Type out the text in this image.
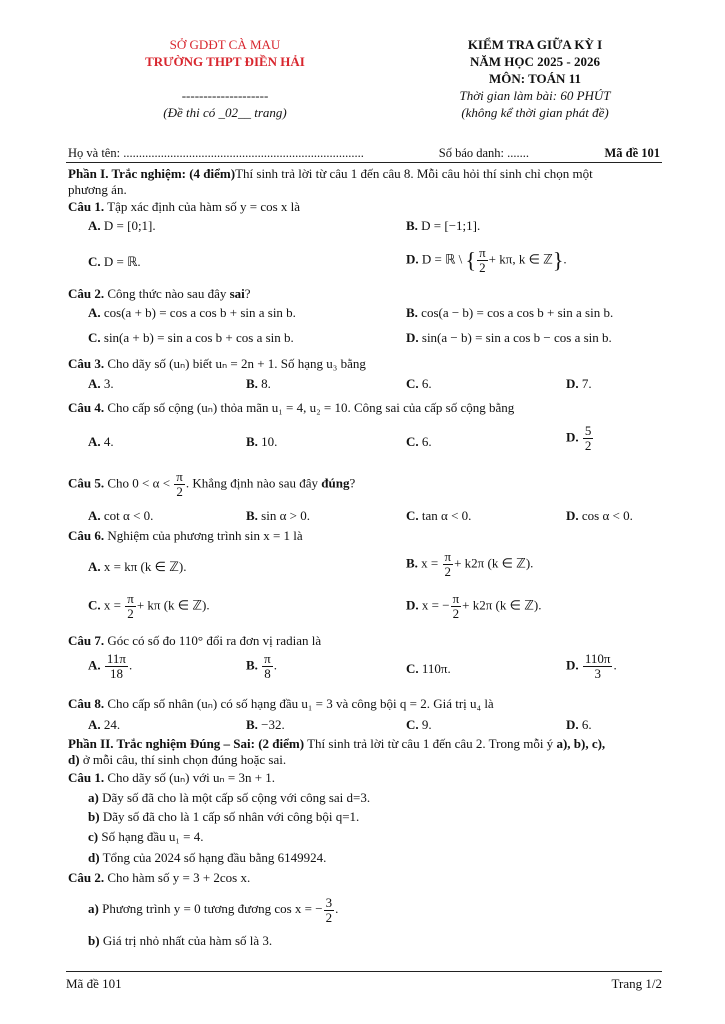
SỞ GDĐT CÀ MAU
TRƯỜNG THPT ĐIỀN HẢI
--------------------
(Đề thi có _02__ trang)
KIỂM TRA GIỮA KỲ I
NĂM HỌC 2025 - 2026
MÔN: TOÁN 11
Thời gian làm bài: 60 PHÚT
(không kể thời gian phát đề)
Họ và tên: .............................................................................	Số báo danh: .......	Mã đề 101
Phần I. Trắc nghiệm: (4 điểm)Thí sinh trả lời từ câu 1 đến câu 8. Mỗi câu hỏi thí sinh chỉ chọn một
phương án.
Câu 1. Tập xác định của hàm số y = cos x là
A. D = [0;1].	B. D = [−1;1].
C. D = ℝ.	D. D = ℝ \ { $\frac{\pi}{2} + k\pi$, k ∈ ℤ}.
Câu 2. Công thức nào sau đây sai?
A. cos(a + b) = cos a cos b + sin a sin b.	B. cos(a − b) = cos a cos b + sin a sin b.
C. sin(a + b) = sin a cos b + cos a sin b.	D. sin(a − b) = sin a cos b − cos a sin b.
Câu 3. Cho dãy số (uₙ) biết uₙ = 2n + 1. Số hạng u₃ bằng
A. 3.	B. 8.	C. 6.	D. 7.
Câu 4. Cho cấp số cộng (uₙ) thỏa mãn u₁ = 4, u₂ = 10. Công sai của cấp số cộng bằng
A. 4.	B. 10.	C. 6.	D. $\frac{5}{2}$
Câu 5. Cho $0 < \alpha < \frac{\pi}{2}$ . Khẳng định nào sau đây đúng?
A. cot α < 0.	B. sin α > 0.	C. tan α < 0.	D. cos α < 0.
Câu 6. Nghiệm của phương trình sin x = 1 là
A. x = kπ (k ∈ ℤ).	B. $x = \frac{\pi}{2} + k2\pi$ (k ∈ ℤ).
C. $x = \frac{\pi}{2} + k\pi$ (k ∈ ℤ).	D. x = − $\frac{\pi}{2} + k2\pi$ (k ∈ ℤ).
Câu 7. Góc có số đo 110° đổi ra đơn vị radian là
A. $\frac{11\pi}{18}$ .	B. $\frac{\pi}{8}$ .	C. 110π.	D. $\frac{110\pi}{3}$ .
Câu 8. Cho cấp số nhân (uₙ) có số hạng đầu u₁ = 3 và công bội q = 2. Giá trị u₄ là
A. 24.	B. −32.	C. 9.	D. 6.
Phần II. Trắc nghiệm Đúng – Sai: (2 điểm) Thí sinh trả lời từ câu 1 đến câu 2. Trong mỗi ý a), b), c),
d) ở mỗi câu, thí sinh chọn đúng hoặc sai.
Câu 1. Cho dãy số (uₙ) với uₙ = 3n + 1.
a) Dãy số đã cho là một cấp số cộng với công sai d=3.
b) Dãy số đã cho là 1 cấp số nhân với công bội q=1.
c) Số hạng đầu u₁ = 4.
d) Tổng của 2024 số hạng đầu bằng 6149924.
Câu 2. Cho hàm số y = 3 + 2cos x.
a) Phương trình y = 0 tương đương cos x = − $\frac{3}{2}$ .
b) Giá trị nhỏ nhất của hàm số là 3.
Mã đề 101	Trang 1/2
